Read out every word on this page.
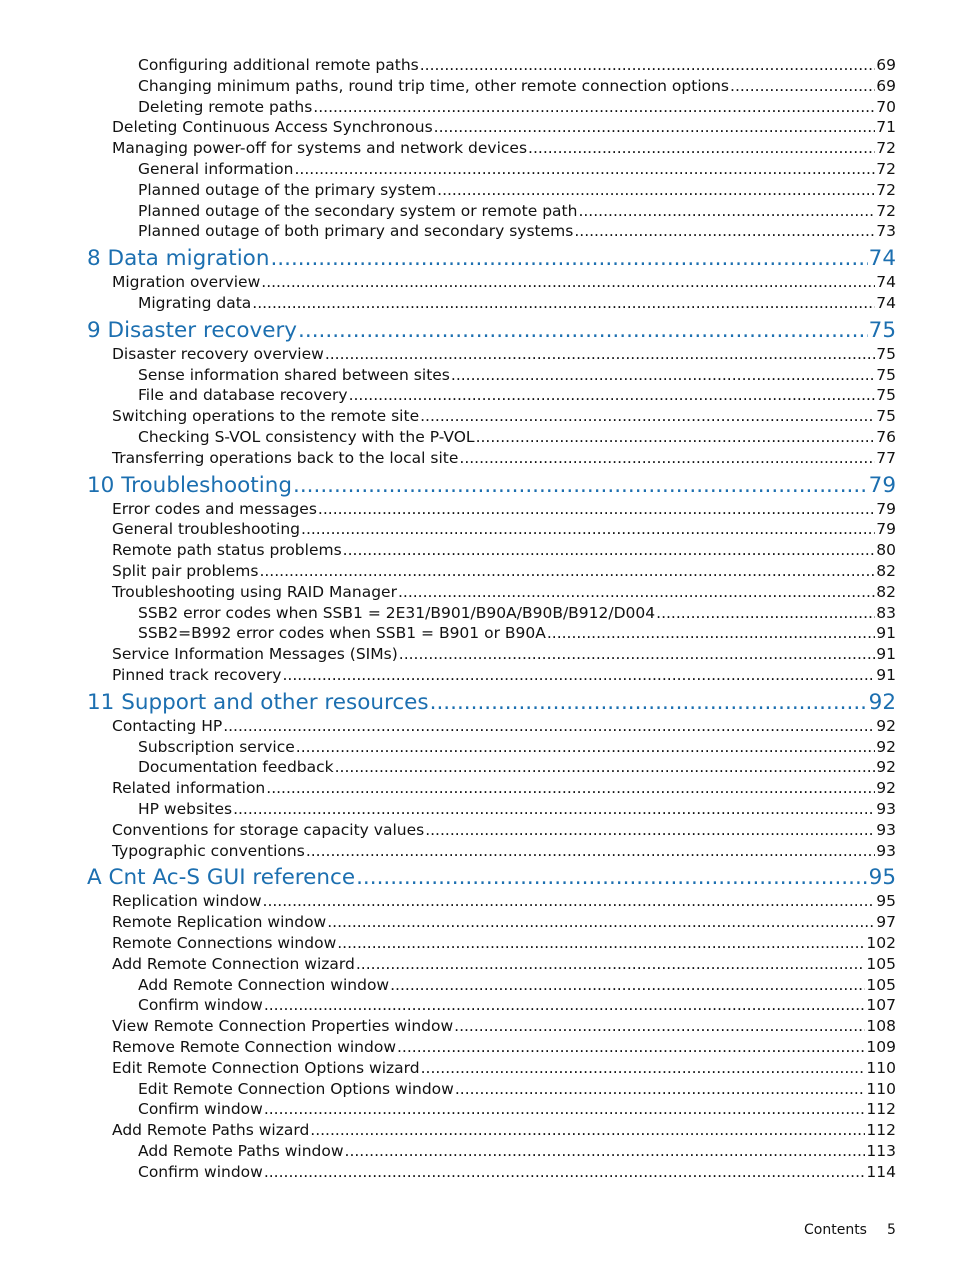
Configuring additional remote paths .....	69
Changing minimum paths, round trip time, other remote connection options .....	69
Deleting remote paths .....	70
Deleting Continuous Access Synchronous .....	71
Managing power-off for systems and network devices .....	72
General information .....	72
Planned outage of the primary system .....	72
Planned outage of the secondary system or remote path .....	72
Planned outage of both primary and secondary systems .....	73
8 Data migration .....	74
Migration overview .....	74
Migrating data .....	74
9 Disaster recovery .....	75
Disaster recovery overview .....	75
Sense information shared between sites .....	75
File and database recovery .....	75
Switching operations to the remote site .....	75
Checking S-VOL consistency with the P-VOL .....	76
Transferring operations back to the local site .....	77
10 Troubleshooting .....	79
Error codes and messages .....	79
General troubleshooting .....	79
Remote path status problems .....	80
Split pair problems .....	82
Troubleshooting using RAID Manager .....	82
SSB2 error codes when SSB1 = 2E31/B901/B90A/B90B/B912/D004 .....	83
SSB2=B992 error codes when SSB1 = B901 or B90A .....	91
Service Information Messages (SIMs) .....	91
Pinned track recovery .....	91
11 Support and other resources .....	92
Contacting HP .....	92
Subscription service .....	92
Documentation feedback .....	92
Related information .....	92
HP websites .....	93
Conventions for storage capacity values .....	93
Typographic conventions .....	93
A Cnt Ac-S GUI reference .....	95
Replication window .....	95
Remote Replication window .....	97
Remote Connections window .....	102
Add Remote Connection wizard .....	105
Add Remote Connection window .....	105
Confirm window .....	107
View Remote Connection Properties window .....	108
Remove Remote Connection window .....	109
Edit Remote Connection Options wizard .....	110
Edit Remote Connection Options window .....	110
Confirm window .....	112
Add Remote Paths wizard .....	112
Add Remote Paths window .....	113
Confirm window .....	114
Contents 5
